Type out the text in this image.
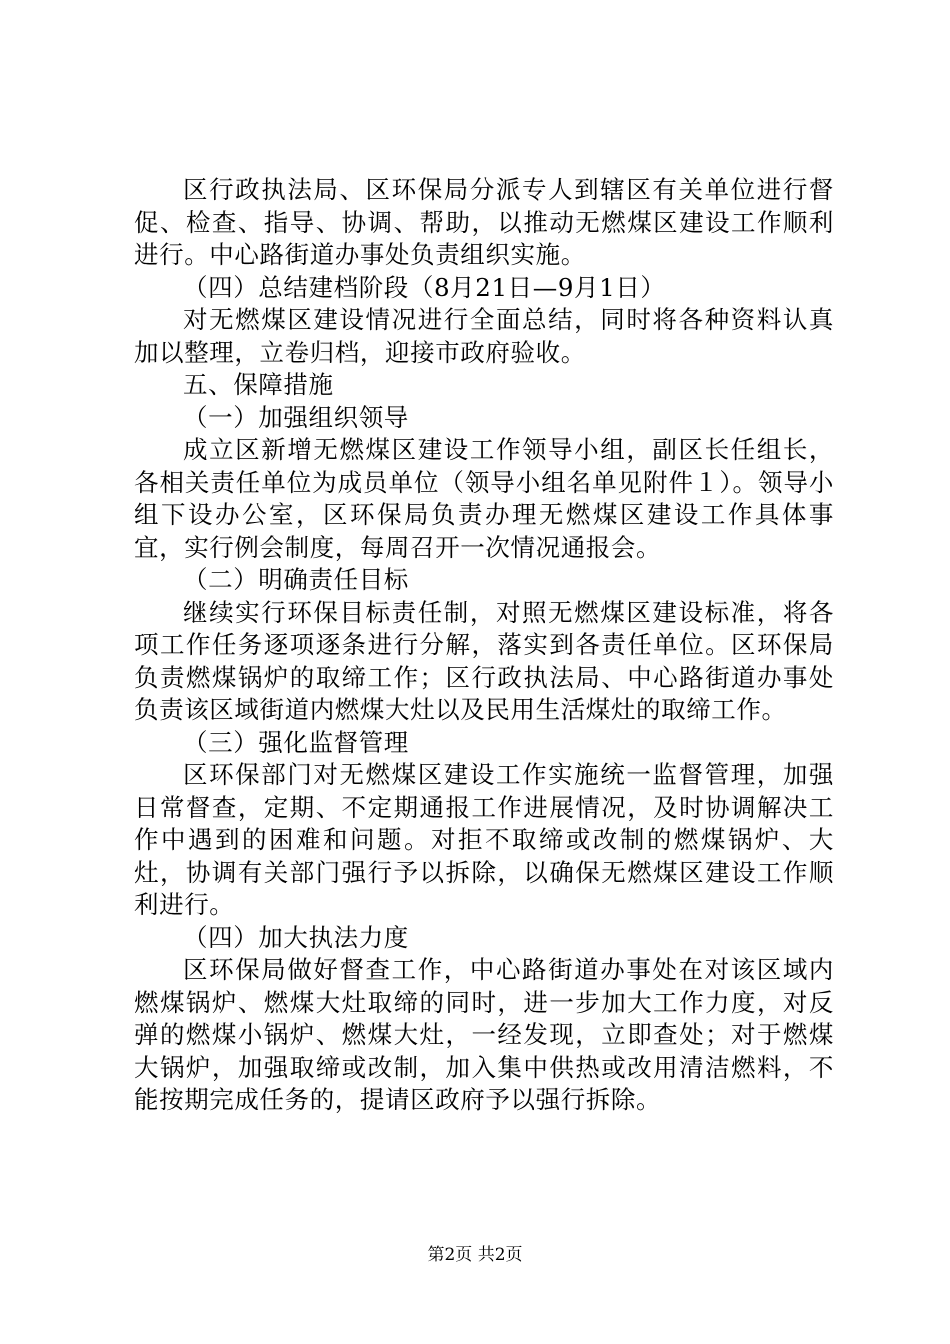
区行政执法局、区环保局分派专人到辖区有关单位进行督促、检查、指导、协调、帮助，以推动无燃煤区建设工作顺利进行。中心路街道办事处负责组织实施。

（四）总结建档阶段（8月21日—9月1日）

对无燃煤区建设情况进行全面总结，同时将各种资料认真加以整理，立卷归档，迎接市政府验收。

五、保障措施

（一）加强组织领导

成立区新增无燃煤区建设工作领导小组，副区长任组长，各相关责任单位为成员单位（领导小组名单见附件１）。领导小组下设办公室，区环保局负责办理无燃煤区建设工作具体事宜，实行例会制度，每周召开一次情况通报会。

（二）明确责任目标

继续实行环保目标责任制，对照无燃煤区建设标准，将各项工作任务逐项逐条进行分解，落实到各责任单位。区环保局负责燃煤锅炉的取缔工作；区行政执法局、中心路街道办事处负责该区域街道内燃煤大灶以及民用生活煤灶的取缔工作。

（三）强化监督管理

区环保部门对无燃煤区建设工作实施统一监督管理，加强日常督查，定期、不定期通报工作进展情况，及时协调解决工作中遇到的困难和问题。对拒不取缔或改制的燃煤锅炉、大灶，协调有关部门强行予以拆除，以确保无燃煤区建设工作顺利进行。

（四）加大执法力度

区环保局做好督查工作，中心路街道办事处在对该区域内燃煤锅炉、燃煤大灶取缔的同时，进一步加大工作力度，对反弹的燃煤小锅炉、燃煤大灶，一经发现，立即查处；对于燃煤大锅炉，加强取缔或改制，加入集中供热或改用清洁燃料，不能按期完成任务的，提请区政府予以强行拆除。

第2页 共2页
